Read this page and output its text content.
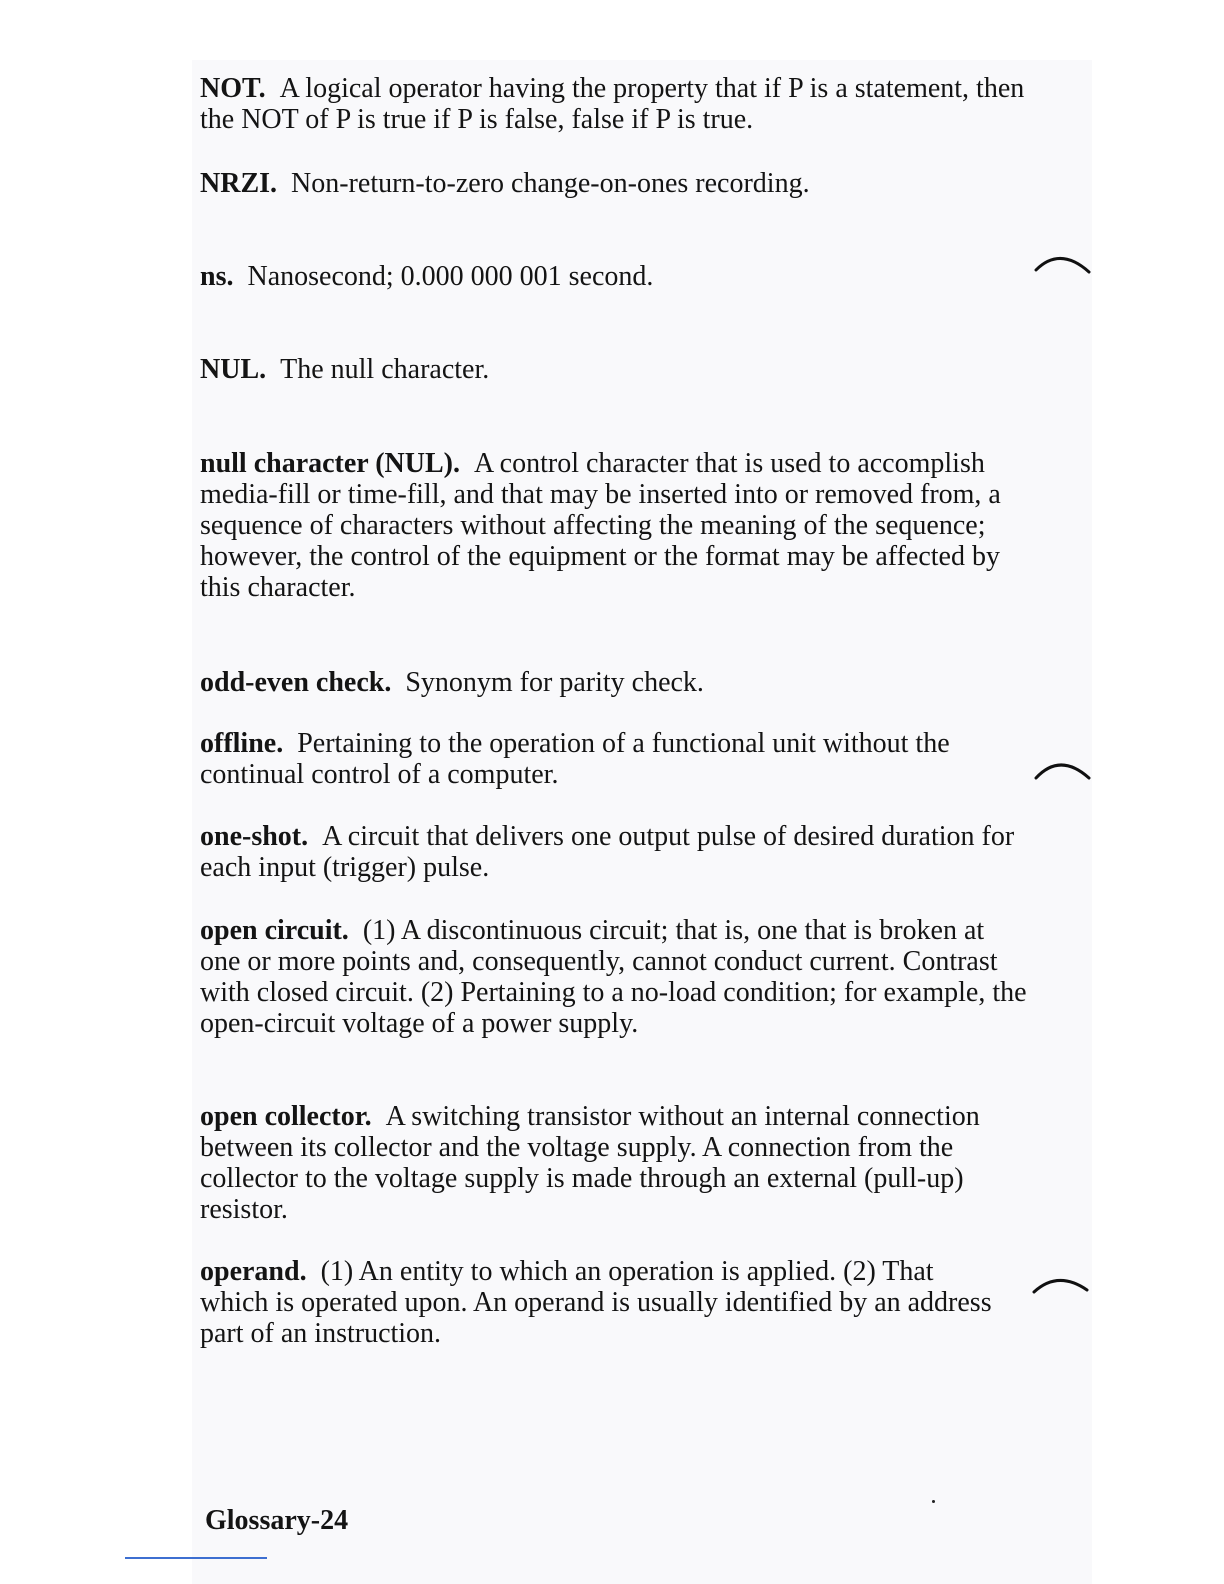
NOT. A logical operator having the property that if P is a statement, then the NOT of P is true if P is false, false if P is true.

NRZI. Non-return-to-zero change-on-ones recording.

ns. Nanosecond; 0.000 000 001 second.

NUL. The null character.

null character (NUL). A control character that is used to accomplish media-fill or time-fill, and that may be inserted into or removed from, a sequence of characters without affecting the meaning of the sequence; however, the control of the equipment or the format may be affected by this character.

odd-even check. Synonym for parity check.

offline. Pertaining to the operation of a functional unit without the continual control of a computer.

one-shot. A circuit that delivers one output pulse of desired duration for each input (trigger) pulse.

open circuit. (1) A discontinuous circuit; that is, one that is broken at one or more points and, consequently, cannot conduct current. Contrast with closed circuit. (2) Pertaining to a no-load condition; for example, the open-circuit voltage of a power supply.

open collector. A switching transistor without an internal connection between its collector and the voltage supply. A connection from the collector to the voltage supply is made through an external (pull-up) resistor.

operand. (1) An entity to which an operation is applied. (2) That which is operated upon. An operand is usually identified by an address part of an instruction.

Glossary-24
